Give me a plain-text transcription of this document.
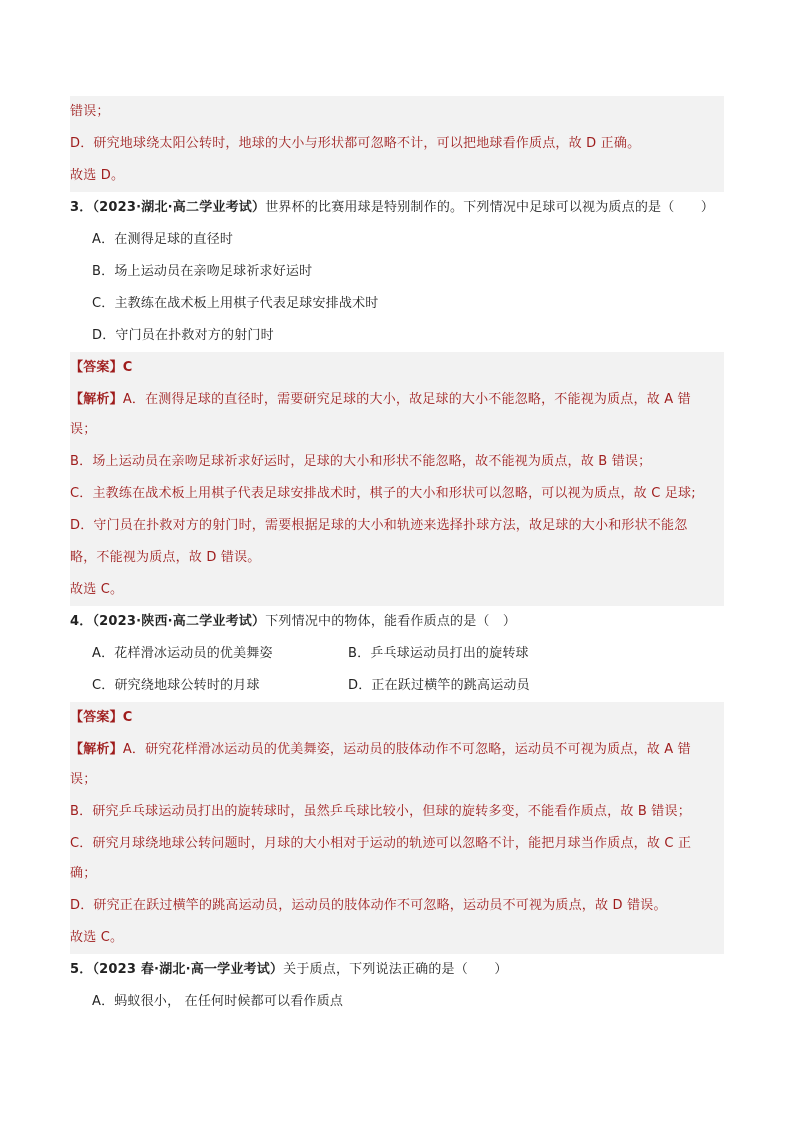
错误；
D．研究地球绕太阳公转时，地球的大小与形状都可忽略不计，可以把地球看作质点，故 D 正确。
故选 D。
3．（2023·湖北·高二学业考试）世界杯的比赛用球是特别制作的。下列情况中足球可以视为质点的是（　　）
A．在测得足球的直径时
B．场上运动员在亲吻足球祈求好运时
C．主教练在战术板上用棋子代表足球安排战术时
D．守门员在扑救对方的射门时
【答案】C
【解析】A．在测得足球的直径时，需要研究足球的大小，故足球的大小不能忽略，不能视为质点，故 A 错
误；
B．场上运动员在亲吻足球祈求好运时，足球的大小和形状不能忽略，故不能视为质点，故 B 错误；
C．主教练在战术板上用棋子代表足球安排战术时，棋子的大小和形状可以忽略，可以视为质点，故 C 足球;
D．守门员在扑救对方的射门时，需要根据足球的大小和轨迹来选择扑球方法，故足球的大小和形状不能忽
略，不能视为质点，故 D 错误。
故选 C。
4．（2023·陕西·高二学业考试）下列情况中的物体，能看作质点的是（　）
A．花样滑冰运动员的优美舞姿	B．乒乓球运动员打出的旋转球
C．研究绕地球公转时的月球	D．正在跃过横竿的跳高运动员
【答案】C
【解析】A．研究花样滑冰运动员的优美舞姿，运动员的肢体动作不可忽略，运动员不可视为质点，故 A 错
误；
B．研究乒乓球运动员打出的旋转球时，虽然乒乓球比较小，但球的旋转多变，不能看作质点，故 B 错误；
C．研究月球绕地球公转问题时，月球的大小相对于运动的轨迹可以忽略不计，能把月球当作质点，故 C 正
确；
D．研究正在跃过横竿的跳高运动员，运动员的肢体动作不可忽略，运动员不可视为质点，故 D 错误。
故选 C。
5．（2023 春·湖北·高一学业考试）关于质点，下列说法正确的是（　　）
A．蚂蚁很小， 在任何时候都可以看作质点
